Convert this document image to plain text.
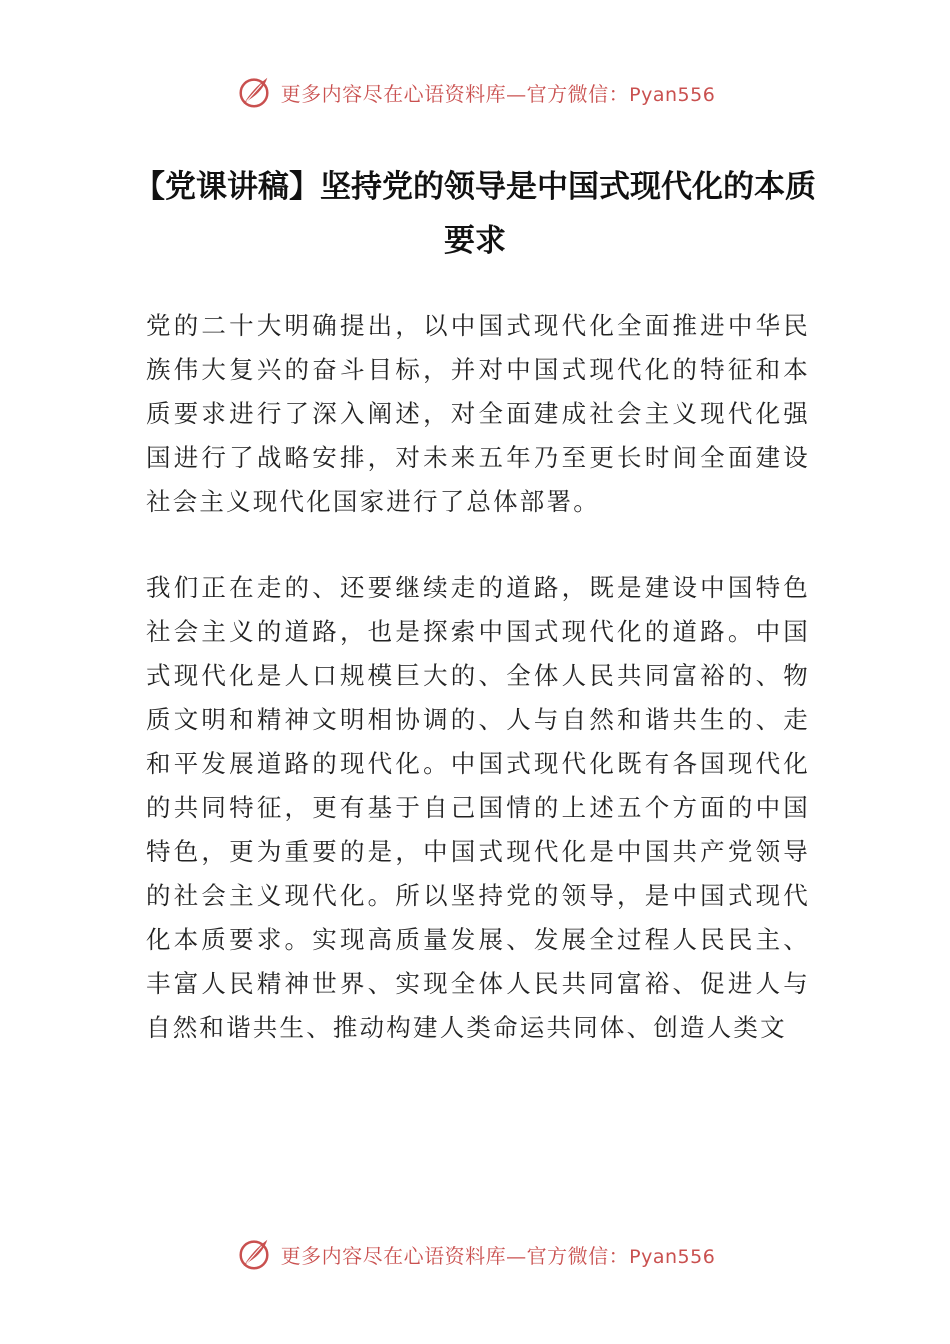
更多内容尽在心语资料库—官方微信：Pyan556
【党课讲稿】坚持党的领导是中国式现代化的本质要求

党的二十大明确提出，以中国式现代化全面推进中华民族伟大复兴的奋斗目标，并对中国式现代化的特征和本质要求进行了深入阐述，对全面建成社会主义现代化强国进行了战略安排，对未来五年乃至更长时间全面建设社会主义现代化国家进行了总体部署。

我们正在走的、还要继续走的道路，既是建设中国特色社会主义的道路，也是探索中国式现代化的道路。中国式现代化是人口规模巨大的、全体人民共同富裕的、物质文明和精神文明相协调的、人与自然和谐共生的、走和平发展道路的现代化。中国式现代化既有各国现代化的共同特征，更有基于自己国情的上述五个方面的中国特色，更为重要的是，中国式现代化是中国共产党领导的社会主义现代化。所以坚持党的领导，是中国式现代化本质要求。实现高质量发展、发展全过程人民民主、丰富人民精神世界、实现全体人民共同富裕、促进人与自然和谐共生、推动构建人类命运共同体、创造人类文

更多内容尽在心语资料库—官方微信：Pyan556
